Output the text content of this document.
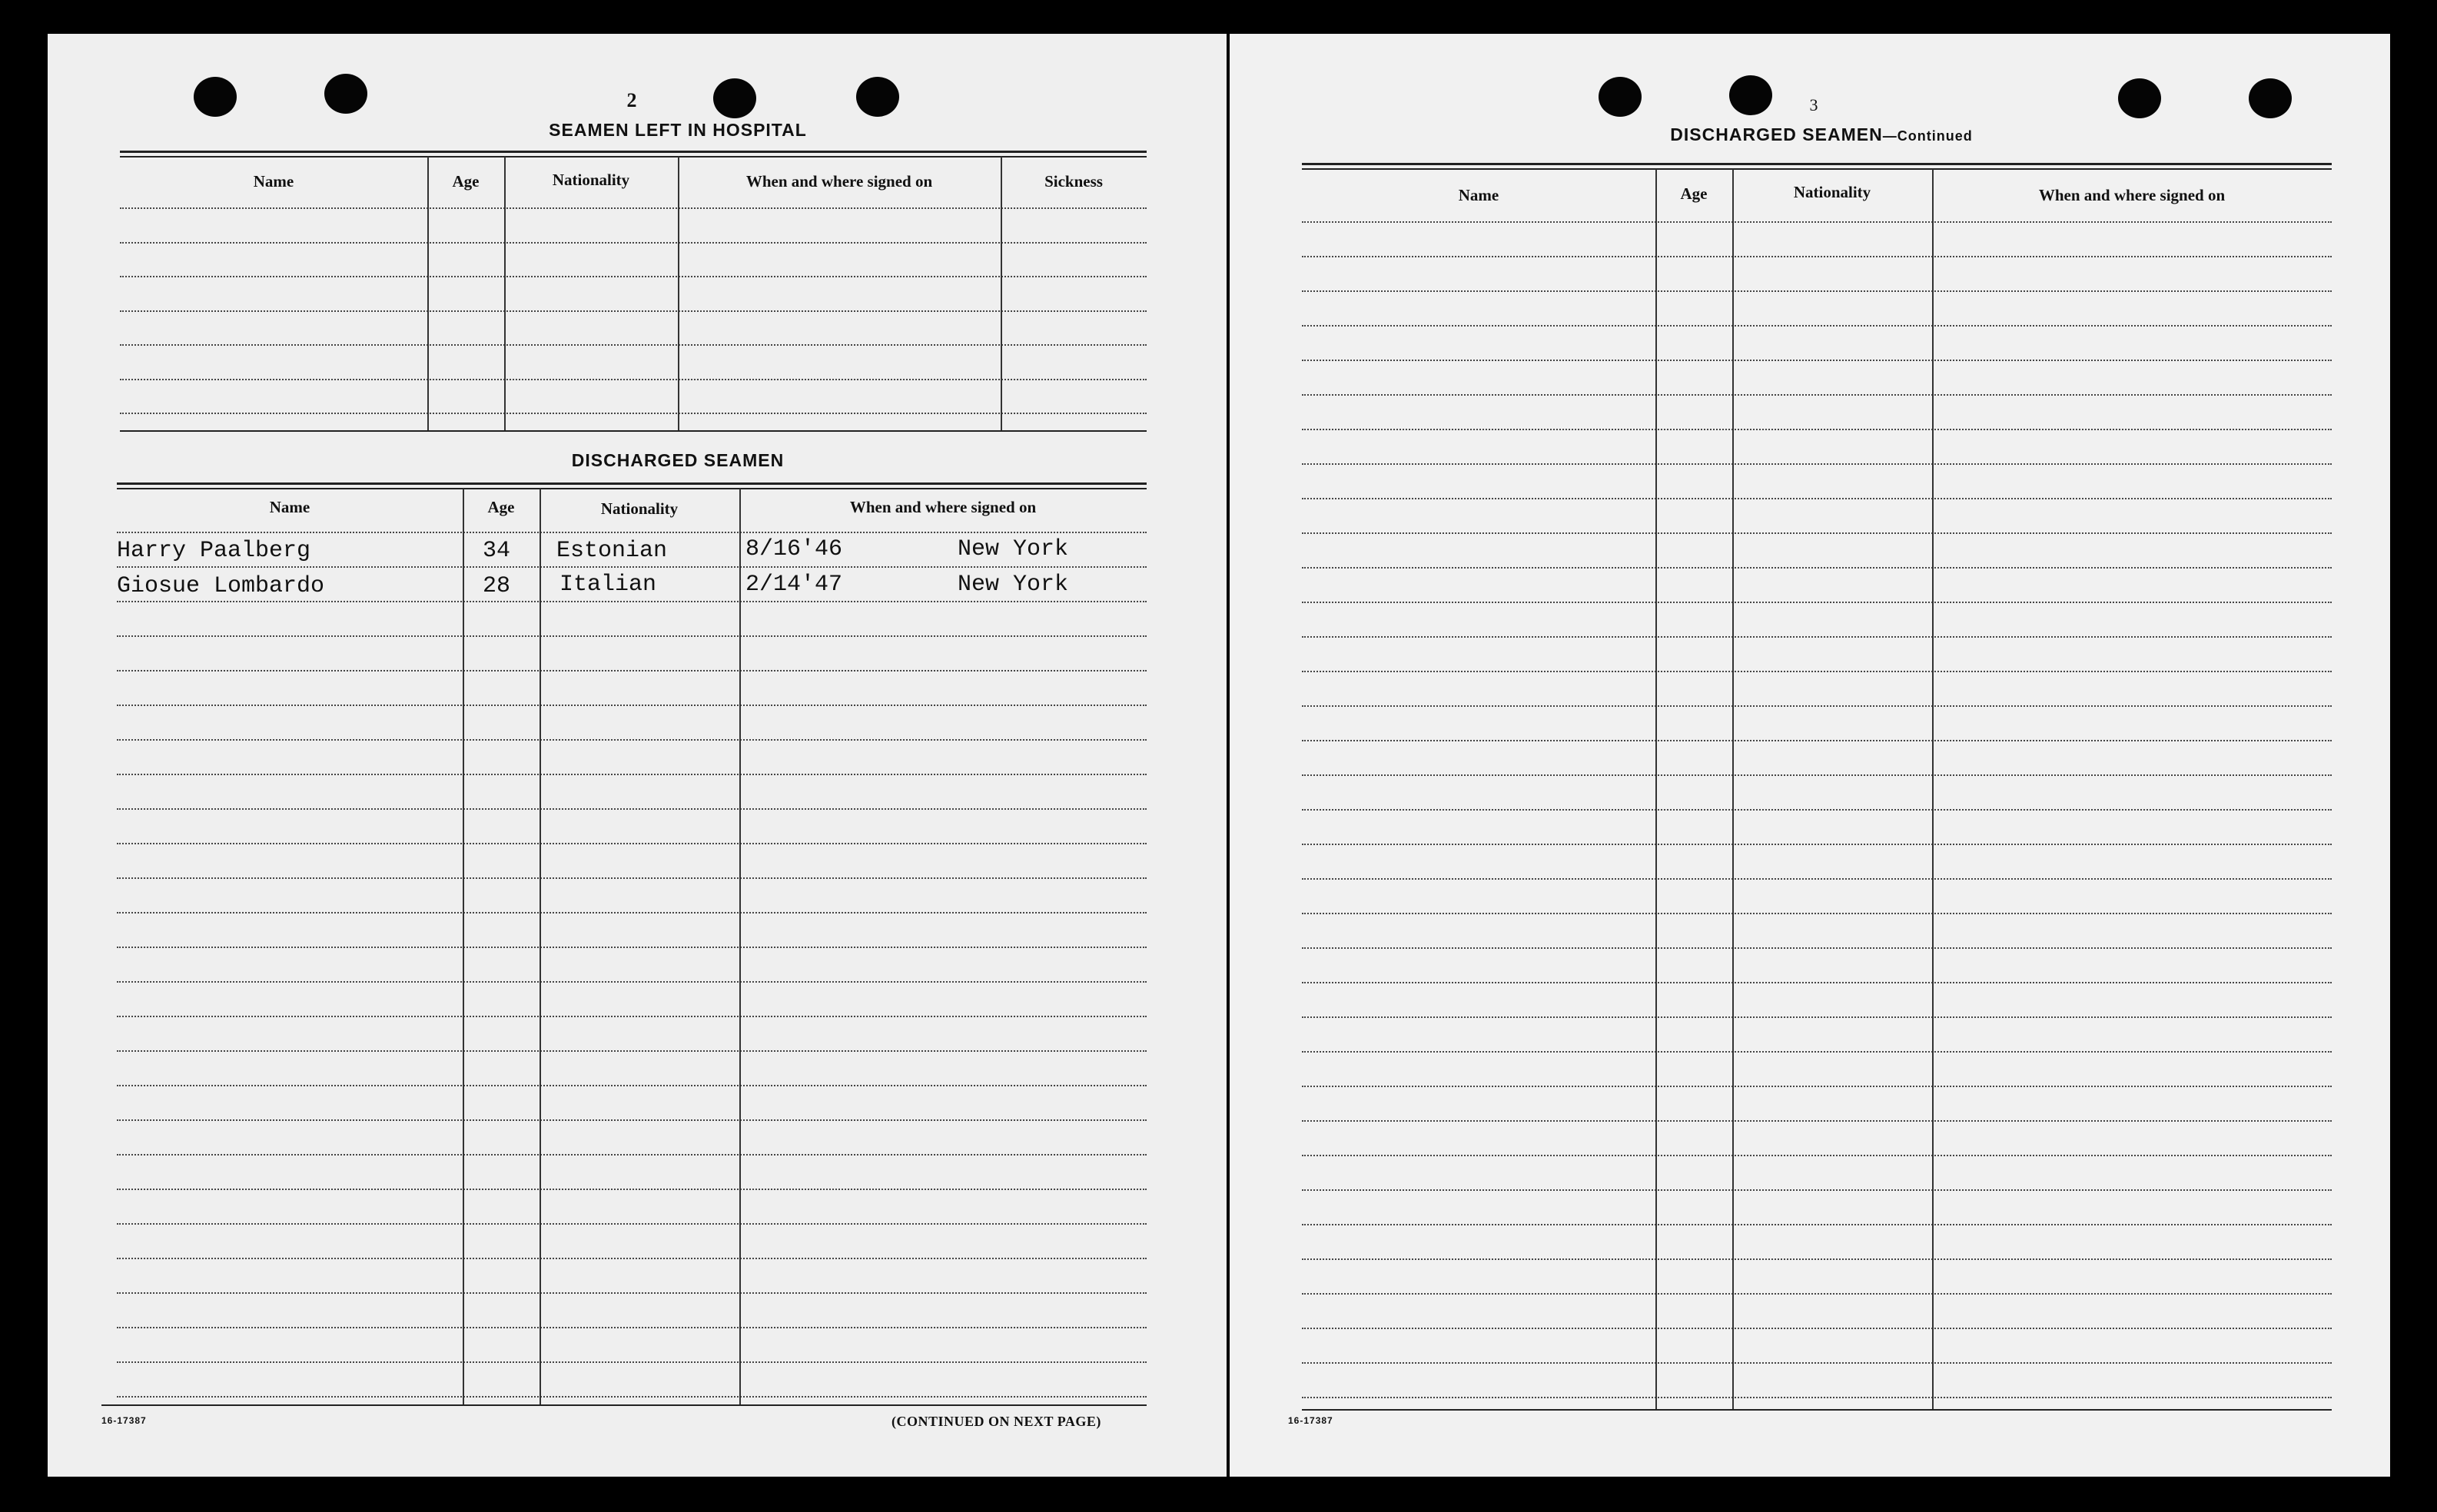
2
SEAMEN LEFT IN HOSPITAL
Name	Age	Nationality	When and where signed on	Sickness
DISCHARGED SEAMEN
Name	Age	Nationality	When and where signed on
Harry Paalberg	34 Estonian	8/16'46	New York
Giosue Lombardo	28 Italian	2/14'47	New York
16-17387	(CONTINUED ON NEXT PAGE)
3
DISCHARGED SEAMEN—Continued
Name	Age	Nationality	When and where signed on
16-17387
